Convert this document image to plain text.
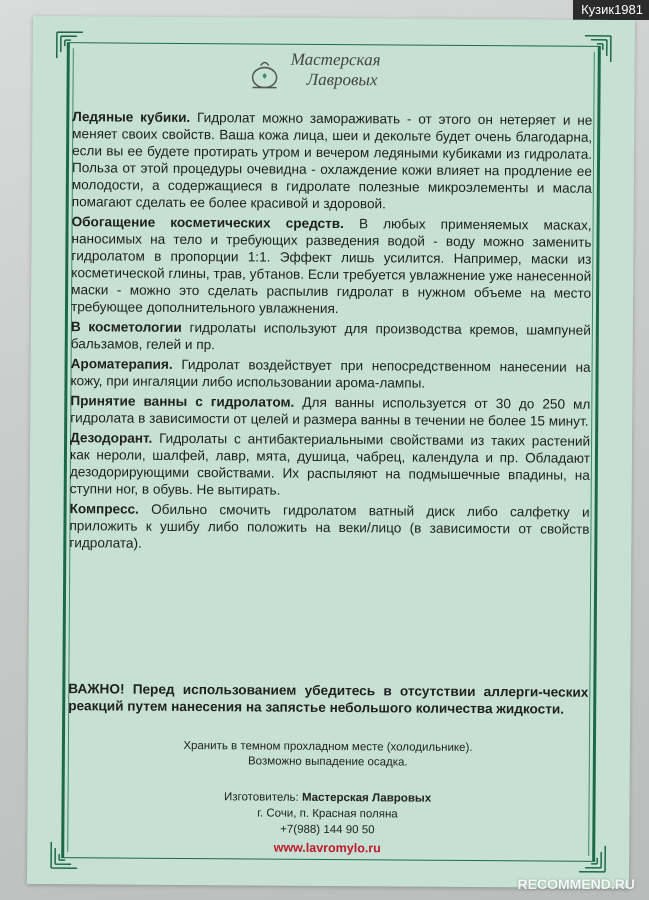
Кузик1981
Мастерская
Лавровых

Ледяные кубики. Гидролат можно замораживать - от этого он нетеряет и не меняет своих свойств. Ваша кожа лица, шеи и декольте будет очень благодарна, если вы ее будете протирать утром и вечером ледяными кубиками из гидролата. Польза от этой процедуры очевидна - охлаждение кожи влияет на продление ее молодости, а содержащиеся в гидролате полезные микроэлементы и масла помагают сделать ее более красивой и здоровой.

Обогащение косметических средств. В любых применяемых масках, наносимых на тело и требующих разведения водой - воду можно заменить гидролатом в пропорции 1:1. Эффект лишь усилится. Например, маски из косметической глины, трав, убтанов. Если требуется увлажнение уже нанесенной маски - можно это сделать распылив гидролат в нужном объеме на место требующее дополнительного увлажнения.

В косметологии гидролаты используют для производства кремов, шампуней бальзамов, гелей и пр.

Ароматерапия. Гидролат воздействует при непосредственном нанесении на кожу, при ингаляции либо использовании арома-лампы.

Принятие ванны с гидролатом. Для ванны используется от 30 до 250 мл гидролата в зависимости от целей и размера ванны в течении не более 15 минут.

Дезодорант. Гидролаты с антибактериальными свойствами из таких растений как нероли, шалфей, лавр, мята, душица, чабрец, календула и пр. Обладают дезодорирующими свойствами. Их распыляют на подмышечные впадины, на ступни ног, в обувь. Не вытирать.

Компресс. Обильно смочить гидролатом ватный диск либо салфетку и приложить к ушибу либо положить на веки/лицо (в зависимости от свойств гидролата).

ВАЖНО! Перед использованием убедитесь в отсутствии аллерги-ческих реакций путем нанесения на запястье небольшого количества жидкости.
Хранить в темном прохладном месте (холодильнике).
Возможно выпадение осадка.
Изготовитель: Мастерская Лавровых
г. Сочи, п. Красная поляна
+7(988) 144 90 50
www.lavromylo.ru
RECOMMEND.RU
